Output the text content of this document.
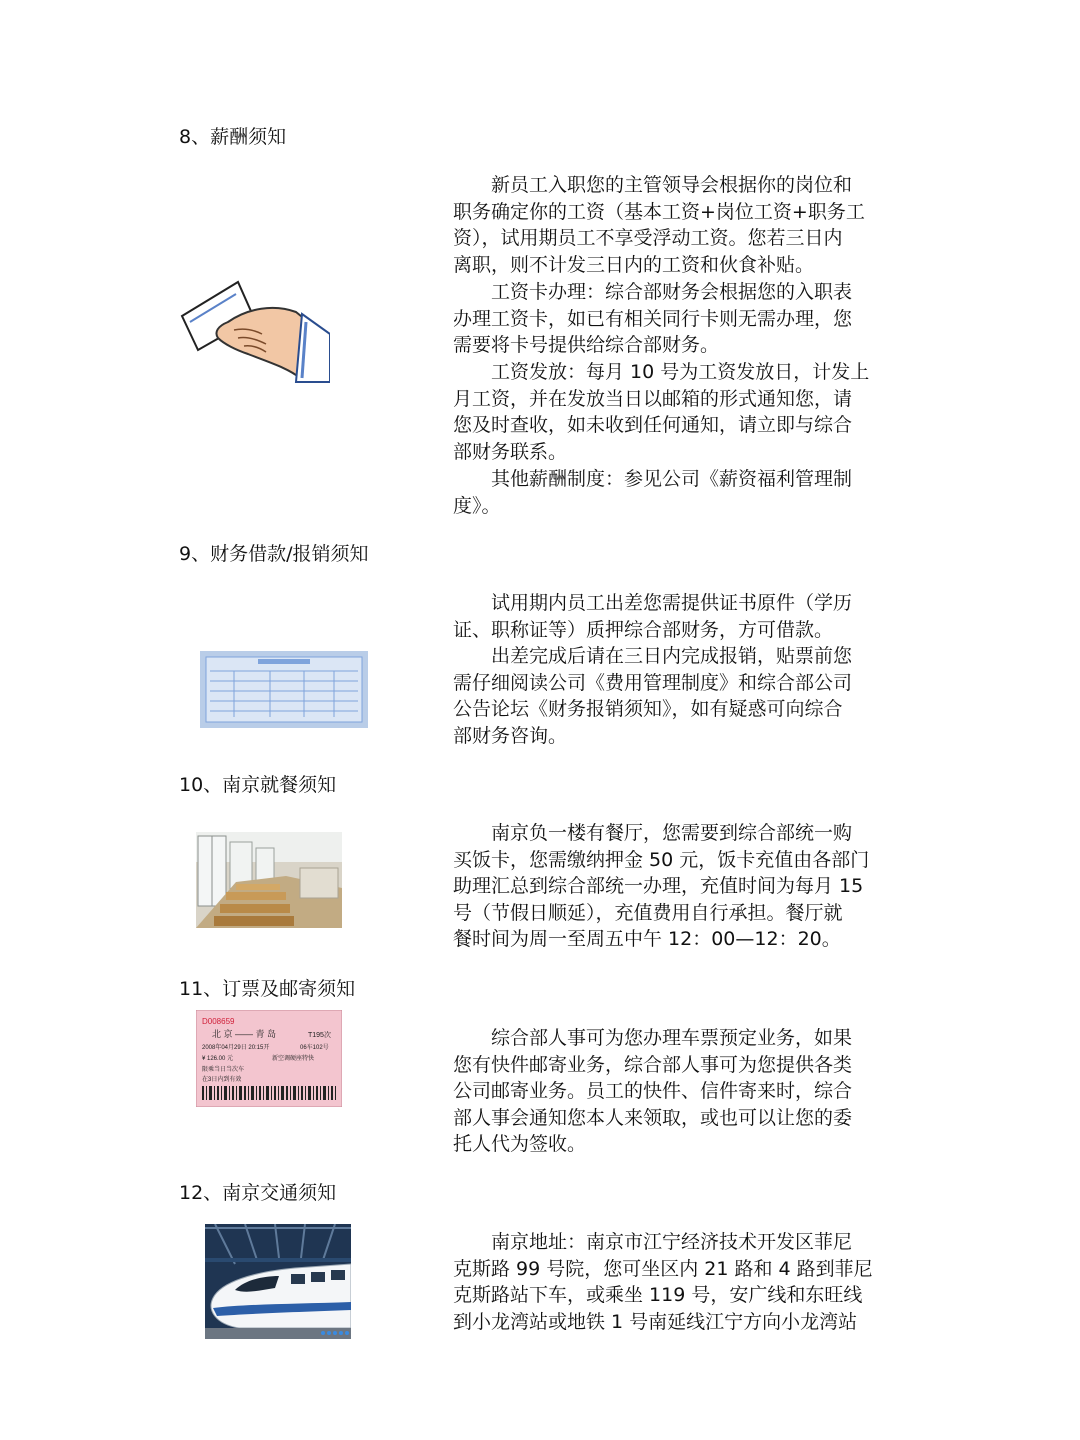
8、薪酬须知
　　新员工入职您的主管领导会根据你的岗位和
职务确定你的工资（基本工资+岗位工资+职务工
资），试用期员工不享受浮动工资。您若三日内
离职，则不计发三日内的工资和伙食补贴。
　　工资卡办理：综合部财务会根据您的入职表
办理工资卡，如已有相关同行卡则无需办理，您
需要将卡号提供给综合部财务。
　　工资发放：每月 10 号为工资发放日，计发上
月工资，并在发放当日以邮箱的形式通知您，请
您及时查收，如未收到任何通知，请立即与综合
部财务联系。
　　其他薪酬制度：参见公司《薪资福利管理制
度》。
9、财务借款/报销须知
　　试用期内员工出差您需提供证书原件（学历
证、职称证等）质押综合部财务，方可借款。
　　出差完成后请在三日内完成报销，贴票前您
需仔细阅读公司《费用管理制度》和综合部公司
公告论坛《财务报销须知》，如有疑惑可向综合
部财务咨询。
10、南京就餐须知
　　南京负一楼有餐厅，您需要到综合部统一购
买饭卡，您需缴纳押金 50 元，饭卡充值由各部门
助理汇总到综合部统一办理，充值时间为每月 15
号（节假日顺延），充值费用自行承担。餐厅就
餐时间为周一至周五中午 12：00—12：20。
11、订票及邮寄须知
　　综合部人事可为您办理车票预定业务，如果
您有快件邮寄业务，综合部人事可为您提供各类
公司邮寄业务。员工的快件、信件寄来时，综合
部人事会通知您本人来领取，或也可以让您的委
托人代为签收。
D008659
北 京 —— 青 岛	T195次
2008年04月29日 20:15开	06车102号
¥ 126.00 元	新空调硬座特快
限乘当日当次车
在3日内到有效
12、南京交通须知
　　南京地址：南京市江宁经济技术开发区菲尼
克斯路 99 号院，您可坐区内 21 路和 4 路到菲尼
克斯路站下车，或乘坐 119 号，安广线和东旺线
到小龙湾站或地铁 1 号南延线江宁方向小龙湾站
